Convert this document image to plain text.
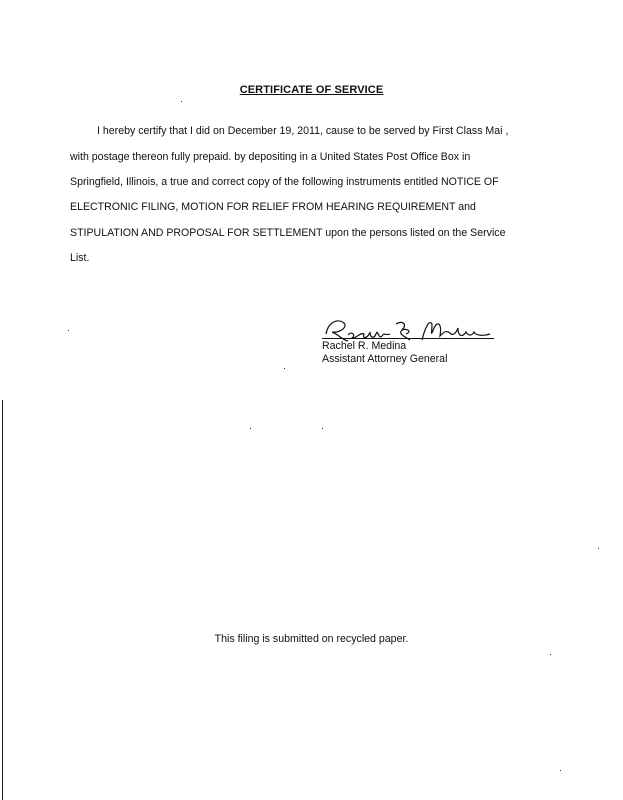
CERTIFICATE OF SERVICE
I hereby certify that I did on December 19, 2011, cause to be served by First Class Mai ,
with postage thereon fully prepaid. by depositing in a United States Post Office Box in
Springfield, Illinois, a true and correct copy of the following instruments entitled NOTICE OF
ELECTRONIC FILING, MOTION FOR RELIEF FROM HEARING REQUIREMENT and
STIPULATION AND PROPOSAL FOR SETTLEMENT upon the persons listed on the Service
List.
Rachel R. Medina
Assistant Attorney General
This filing is submitted on recycled paper.
